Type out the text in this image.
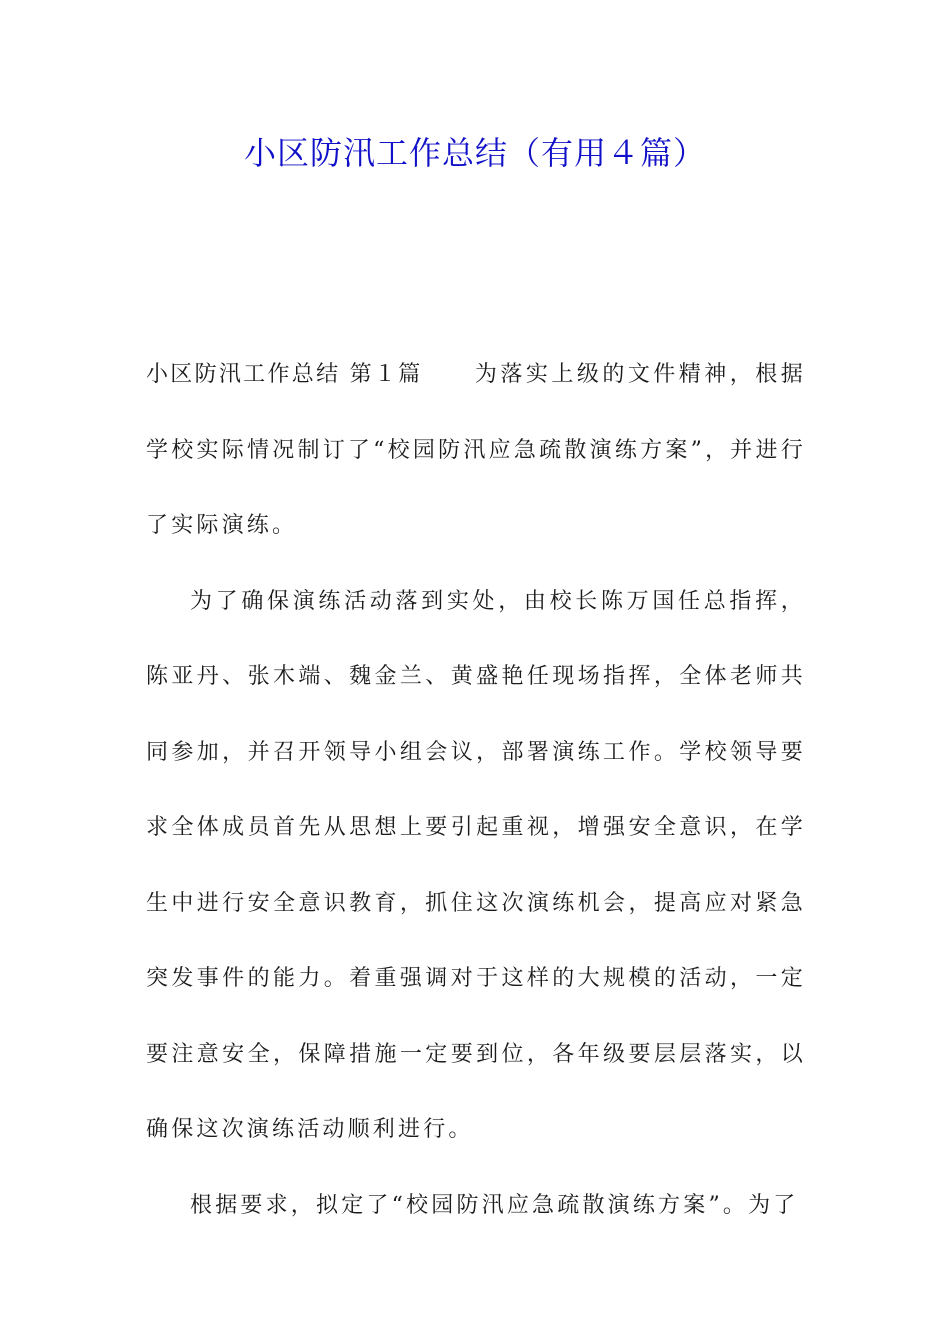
小区防汛工作总结（有用４篇）

小区防汛工作总结 第１篇 为落实上级的文件精神，根据学校实际情况制订了“校园防汛应急疏散演练方案”，并进行了实际演练。

为了确保演练活动落到实处，由校长陈万国任总指挥，陈亚丹、张木端、魏金兰、黄盛艳任现场指挥，全体老师共同参加，并召开领导小组会议，部署演练工作。学校领导要求全体成员首先从思想上要引起重视，增强安全意识，在学生中进行安全意识教育，抓住这次演练机会，提高应对紧急突发事件的能力。着重强调对于这样的大规模的活动，一定要注意安全，保障措施一定要到位，各年级要层层落实，以确保这次演练活动顺利进行。

根据要求，拟定了“校园防汛应急疏散演练方案”。为了
